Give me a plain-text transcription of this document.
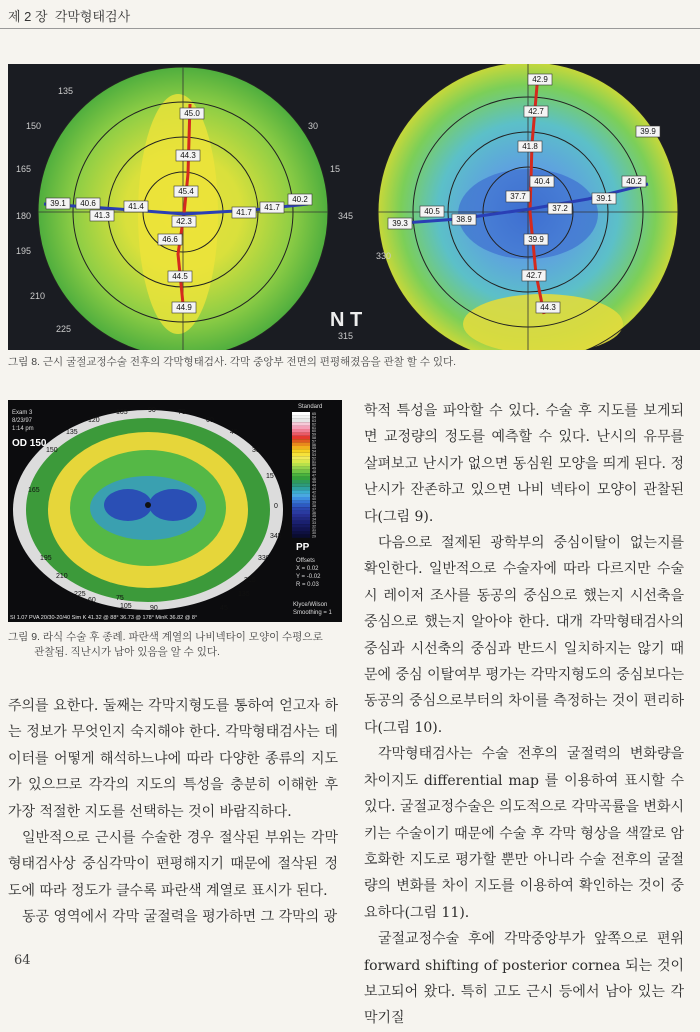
제 2 장 각막형태검사
N T
45.0
44.3
45.4
46.6
44.5
44.9
39.1 40.6
41.3
41.4
42.3
41.7
41.7
40.2
42.9
42.7
41.8
40.4
37.7
37.2
39.9
42.7
44.3
39.3
40.5
38.9
39.1
40.2
39.9
135
150
165
180
195
210
225
30
15
345
330
315
그림 8. 근시 굴절교정수술 전후의 각막형태검사. 각막 중앙부 전면의 편평해졌음을 관찰 할 수 있다.
65
64
63
62
61
60
59
58
57
56
55
54
53
52
51
50
49
48
47
46
45
44
43
42
41
40
39
38
37
36
35
34
33
32
31
30
29
105	90	75
120	60
135	45
150	30
15
165
0
345
330
195
315
210
225	135
90
105	45
60	75
Standard
Exam 3
8/23/97
1:14 pm
OD 150
PP
Offsets
X = 0.02
Y = -0.02
R = 0.03
Klyce/Wilson
Smoothing = 1
SI 1.07 PVA 20/30-20/40 Sim K 41.32 @ 88° 36.73 @ 178° MinK 36.82 @ 8°
그림 9. 라식 수술 후 종례. 파란색 계열의 나비넥타이 모양이 수평으로
관찰됨. 직난시가 남아 있음을 알 수 있다.

학적 특성을 파악할 수 있다. 수술 후 지도를 보게되면 교정량의 정도를 예측할 수 있다. 난시의 유무를 살펴보고 난시가 없으면 동심원 모양을 띄게 된다. 정난시가 잔존하고 있으면 나비 넥타이 모양이 관찰된다(그림 9).

다음으로 절제된 광학부의 중심이탈이 없는지를 확인한다. 일반적으로 수술자에 따라 다르지만 수술 시 레이저 조사를 동공의 중심으로 했는지 시선축을 중심으로 했는지 알아야 한다. 대개 각막형태검사의 중심과 시선축의 중심과 반드시 일치하지는 않기 때문에 중심 이탈여부 평가는 각막지형도의 중심보다는 동공의 중심으로부터의 차이를 측정하는 것이 편리하다(그림 10).

각막형태검사는 수술 전후의 굴절력의 변화량을 차이지도 differential map 를 이용하여 표시할 수 있다. 굴절교정수술은 의도적으로 각막곡률을 변화시키는 수술이기 때문에 수술 후 각막 형상을 색깔로 암호화한 지도로 평가할 뿐만 아니라 수술 전후의 굴절량의 변화를 차이 지도를 이용하여 확인하는 것이 중요하다(그림 11).

굴절교정수술 후에 각막중앙부가 앞쪽으로 편위 forward shifting of posterior cornea 되는 것이 보고되어 왔다. 특히 고도 근시 등에서 남아 있는 각막기질

주의를 요한다. 둘째는 각막지형도를 통하여 얻고자 하는 정보가 무엇인지 숙지해야 한다. 각막형태검사는 데이터를 어떻게 해석하느냐에 따라 다양한 종류의 지도가 있으므로 각각의 지도의 특성을 충분히 이해한 후 가장 적절한 지도를 선택하는 것이 바람직하다.

일반적으로 근시를 수술한 경우 절삭된 부위는 각막형태검사상 중심각막이 편평해지기 때문에 절삭된 정도에 따라 정도가 클수록 파란색 계열로 표시가 된다.

동공 영역에서 각막 굴절력을 평가하면 그 각막의 광

64
